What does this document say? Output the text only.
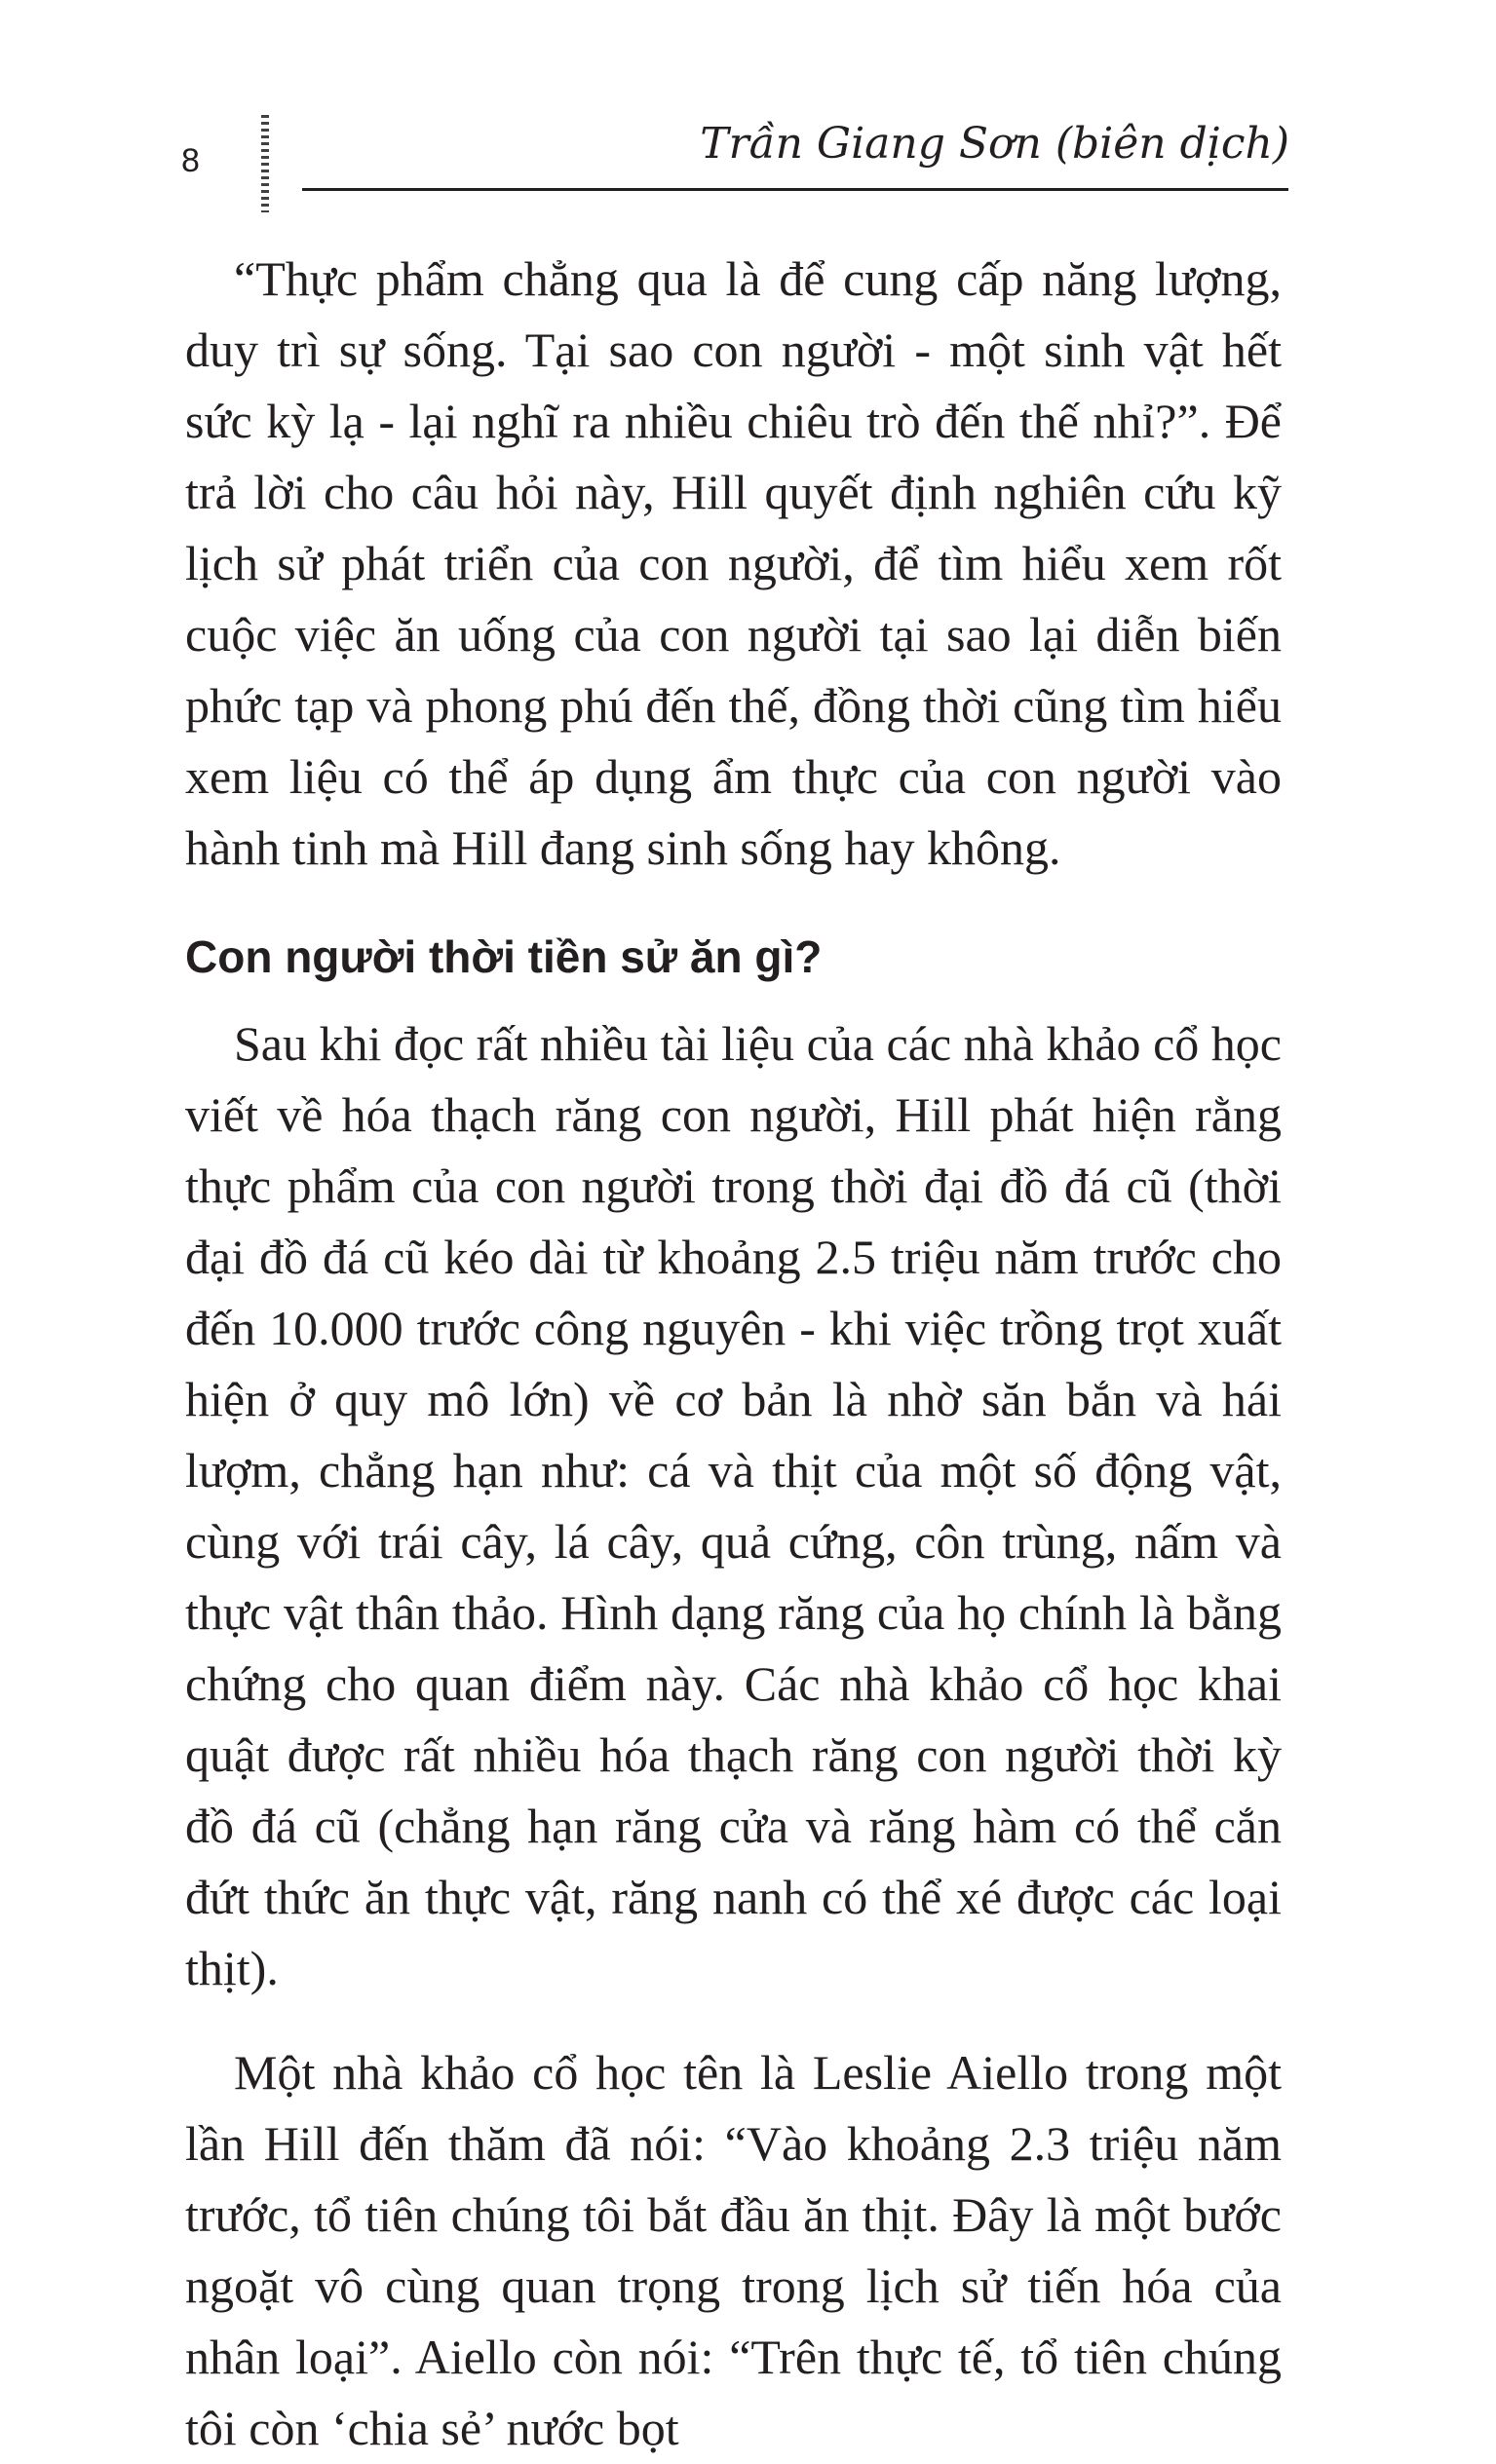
8	Trần Giang Sơn (biên dịch)

“Thực phẩm chẳng qua là để cung cấp năng lượng, duy trì sự sống. Tại sao con người - một sinh vật hết sức kỳ lạ - lại nghĩ ra nhiều chiêu trò đến thế nhỉ?”. Để trả lời cho câu hỏi này, Hill quyết định nghiên cứu kỹ lịch sử phát triển của con người, để tìm hiểu xem rốt cuộc việc ăn uống của con người tại sao lại diễn biến phức tạp và phong phú đến thế, đồng thời cũng tìm hiểu xem liệu có thể áp dụng ẩm thực của con người vào hành tinh mà Hill đang sinh sống hay không.

Con người thời tiền sử ăn gì?

Sau khi đọc rất nhiều tài liệu của các nhà khảo cổ học viết về hóa thạch răng con người, Hill phát hiện rằng thực phẩm của con người trong thời đại đồ đá cũ (thời đại đồ đá cũ kéo dài từ khoảng 2.5 triệu năm trước cho đến 10.000 trước công nguyên - khi việc trồng trọt xuất hiện ở quy mô lớn) về cơ bản là nhờ săn bắn và hái lượm, chẳng hạn như: cá và thịt của một số động vật, cùng với trái cây, lá cây, quả cứng, côn trùng, nấm và thực vật thân thảo. Hình dạng răng của họ chính là bằng chứng cho quan điểm này. Các nhà khảo cổ học khai quật được rất nhiều hóa thạch răng con người thời kỳ đồ đá cũ (chẳng hạn răng cửa và răng hàm có thể cắn đứt thức ăn thực vật, răng nanh có thể xé được các loại thịt).

Một nhà khảo cổ học tên là Leslie Aiello trong một lần Hill đến thăm đã nói: “Vào khoảng 2.3 triệu năm trước, tổ tiên chúng tôi bắt đầu ăn thịt. Đây là một bước ngoặt vô cùng quan trọng trong lịch sử tiến hóa của nhân loại”. Aiello còn nói: “Trên thực tế, tổ tiên chúng tôi còn ‘chia sẻ’ nước bọt
